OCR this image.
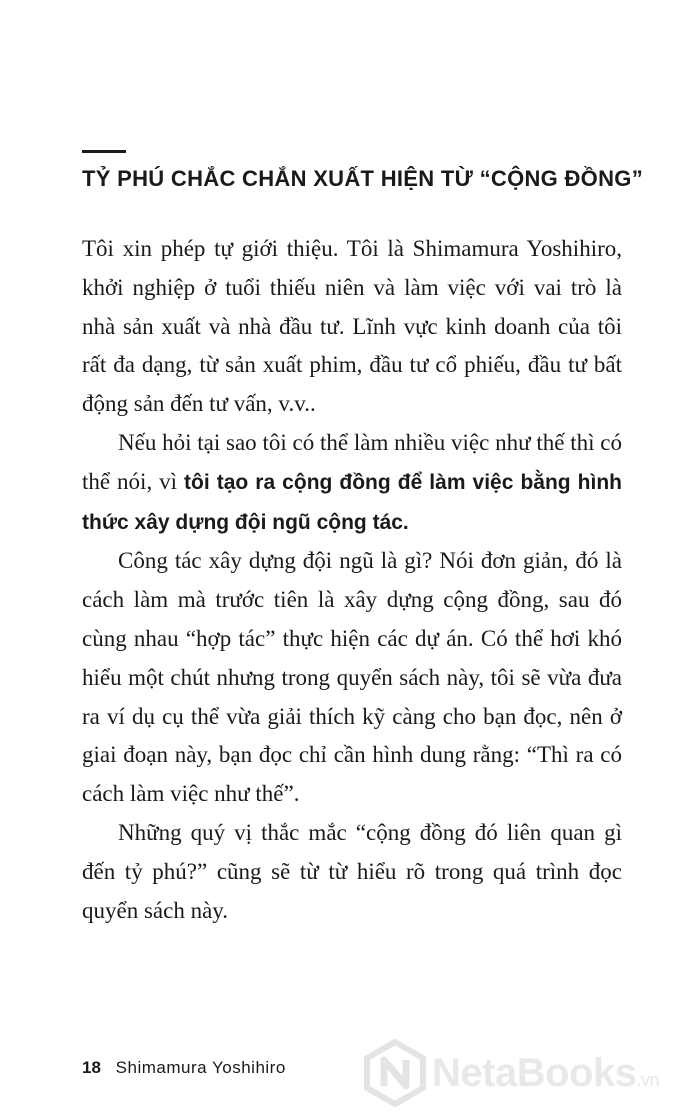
TỶ PHÚ CHẮC CHẮN XUẤT HIỆN TỪ “CỘNG ĐỒNG”

Tôi xin phép tự giới thiệu. Tôi là Shimamura Yoshihiro, khởi nghiệp ở tuổi thiếu niên và làm việc với vai trò là nhà sản xuất và nhà đầu tư. Lĩnh vực kinh doanh của tôi rất đa dạng, từ sản xuất phim, đầu tư cổ phiếu, đầu tư bất động sản đến tư vấn, v.v..

Nếu hỏi tại sao tôi có thể làm nhiều việc như thế thì có thể nói, vì tôi tạo ra cộng đồng để làm việc bằng hình thức xây dựng đội ngũ cộng tác.

Công tác xây dựng đội ngũ là gì? Nói đơn giản, đó là cách làm mà trước tiên là xây dựng cộng đồng, sau đó cùng nhau “hợp tác” thực hiện các dự án. Có thể hơi khó hiểu một chút nhưng trong quyển sách này, tôi sẽ vừa đưa ra ví dụ cụ thể vừa giải thích kỹ càng cho bạn đọc, nên ở giai đoạn này, bạn đọc chỉ cần hình dung rằng: “Thì ra có cách làm việc như thế”.

Những quý vị thắc mắc “cộng đồng đó liên quan gì đến tỷ phú?” cũng sẽ từ từ hiểu rõ trong quá trình đọc quyển sách này.

18 Shimamura Yoshihiro	NetaBooks.vn
